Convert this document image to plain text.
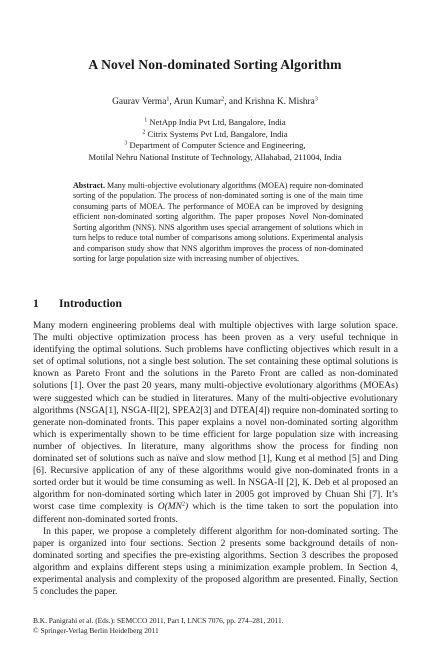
A Novel Non-dominated Sorting Algorithm
Gaurav Verma$^1$, Arun Kumar$^2$, and Krishna K. Mishra$^3$
$^1$ NetApp India Pvt Ltd, Bangalore, India
$^2$ Citrix Systems Pvt Ltd, Bangalore, India
$^3$ Department of Computer Science and Engineering,
Motilal Nehru National Institute of Technology, Allahabad, 211004, India
Abstract. Many multi-objective evolutionary algorithms (MOEA) require non-dominated sorting of the population. The process of non-dominated sorting is one of the main time consuming parts of MOEA. The performance of MOEA can be improved by designing efficient non-dominated sorting algorithm. The paper proposes Novel Non-dominated Sorting algorithm (NNS). NNS algorithm uses special arrangement of solutions which in turn helps to reduce total number of comparisons among solutions. Experimental analysis and comparison study show that NNS algorithm improves the process of non-dominated sorting for large population size with increasing number of objectives.
1 Introduction

Many modern engineering problems deal with multiple objectives with large solution space. The multi objective optimization process has been proven as a very useful technique in identifying the optimal solutions. Such problems have conflicting objectives which result in a set of optimal solutions, not a single best solution. The set containing these optimal solutions is known as Pareto Front and the solutions in the Pareto Front are called as non-dominated solutions [1]. Over the past 20 years, many multi-objective evolutionary algorithms (MOEAs) were suggested which can be studied in literatures. Many of the multi-objective evolutionary algorithms (NSGA[1], NSGA-II[2], SPEA2[3] and DTEA[4]) require non-dominated sorting to generate non-dominated fronts. This paper explains a novel non-dominated sorting algorithm which is experimentally shown to be time efficient for large population size with increasing number of objectives. In literature, many algorithms show the process for finding non dominated set of solutions such as naïve and slow method [1], Kung et al method [5] and Ding [6]. Recursive application of any of these algorithms would give non-dominated fronts in a sorted order but it would be time consuming as well. In NSGA-II [2], K. Deb et al proposed an algorithm for non-dominated sorting which later in 2005 got improved by Chuan Shi [7]. It’s worst case time complexity is $O(MN^2)$ which is the time taken to sort the population into different non-dominated sorted fronts.

In this paper, we propose a completely different algorithm for non-dominated sorting. The paper is organized into four sections. Section 2 presents some background details of non-dominated sorting and specifies the pre-existing algorithms. Section 3 describes the proposed algorithm and explains different steps using a minimization example problem. In Section 4, experimental analysis and complexity of the proposed algorithm are presented. Finally, Section 5 concludes the paper.

B.K. Panigrahi et al. (Eds.): SEMCCO 2011, Part I, LNCS 7076, pp. 274–281, 2011.
© Springer-Verlag Berlin Heidelberg 2011
